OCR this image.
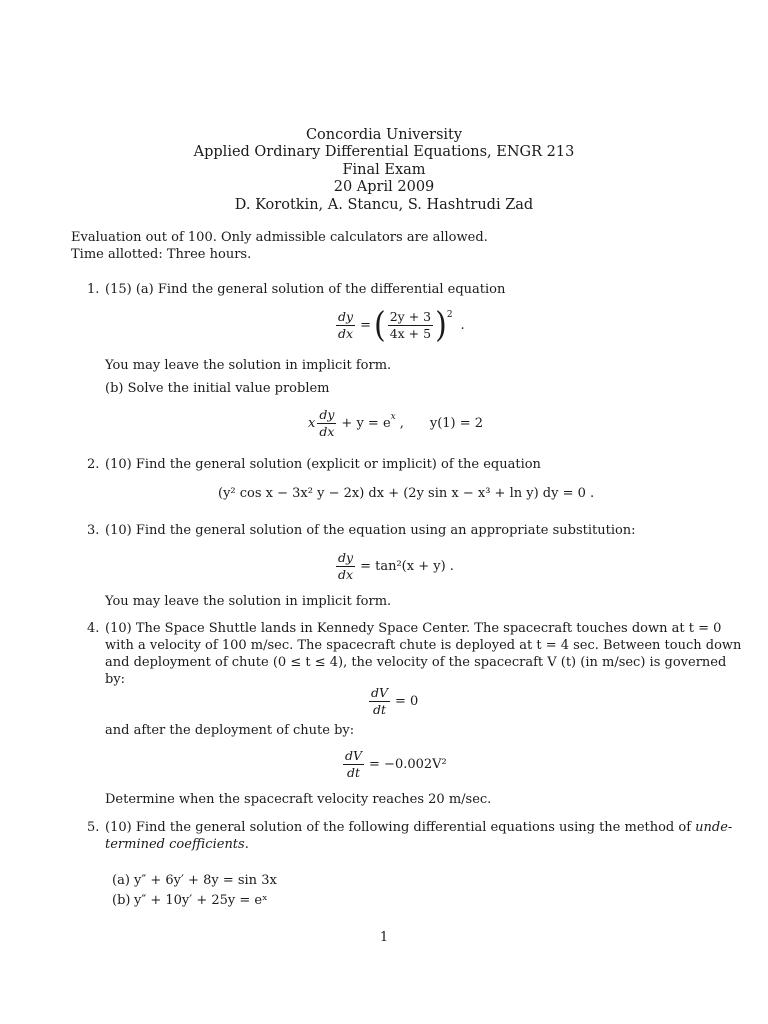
Concordia University
Applied Ordinary Differential Equations, ENGR 213
Final Exam
20 April 2009
D. Korotkin, A. Stancu, S. Hashtrudi Zad
Evaluation out of 100. Only admissible calculators are allowed.
Time allotted: Three hours.
1. (15) (a) Find the general solution of the differential equation
$\frac{dy}{dx}$ = ( $\frac{2y + 3}{4x + 5}$ ) 2
.
You may leave the solution in implicit form.
(b) Solve the initial value problem
x $\frac{dy}{dx} + y = e$ x , y(1) = 2
2. (10) Find the general solution (explicit or implicit) of the equation
(y² cos x − 3x² y − 2x) dx + (2y sin x − x³ + ln y) dy = 0 .
3. (10) Find the general solution of the equation using an appropriate substitution:
$\frac{dy}{dx} = \tan^2(x + y)$ .
You may leave the solution in implicit form.
4. (10) The Space Shuttle lands in Kennedy Space Center. The spacecraft touches down at t = 0
with a velocity of 100 m/sec. The spacecraft chute is deployed at t = 4 sec. Between touch down
and deployment of chute (0 ≤ t ≤ 4), the velocity of the spacecraft V (t) (in m/sec) is governed
by:
$\frac{dV}{dt} = 0$
and after the deployment of chute by:
$\frac{dV}{dt} = -0.002V^2$
Determine when the spacecraft velocity reaches 20 m/sec.
5. (10) Find the general solution of the following differential equations using the method of unde-
termined coefficients.
(a) y″ + 6y′ + 8y = sin 3x
(b) y″ + 10y′ + 25y = eˣ
1
